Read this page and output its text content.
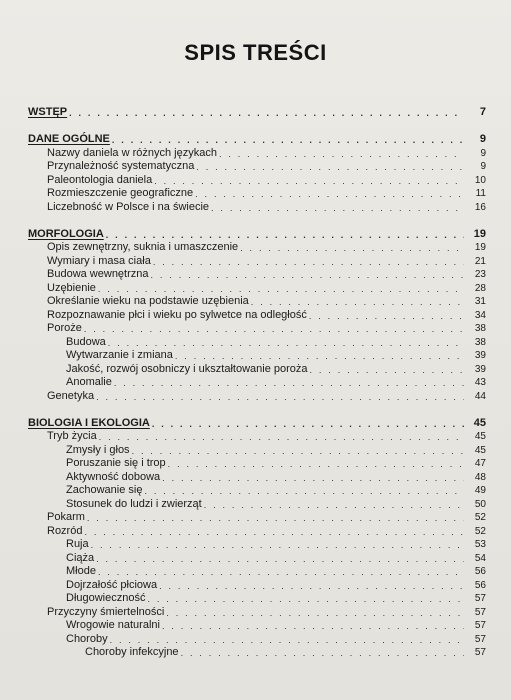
SPIS TREŚCI
WSTĘP . . .	7
DANE OGÓLNE . . .	9
Nazwy daniela w różnych językach . . .	9
Przynależność systematyczna . . .	9
Paleontologia daniela . . .	10
Rozmieszczenie geograficzne . . .	11
Liczebność w Polsce i na świecie . . .	16
MORFOLOGIA . . .	19
Opis zewnętrzny, suknia i umaszczenie . . .	19
Wymiary i masa ciała . . .	21
Budowa wewnętrzna . . .	23
Uzębienie . . .	28
Określanie wieku na podstawie uzębienia . . .	31
Rozpoznawanie płci i wieku po sylwetce na odległość . . .	34
Poroże . . .	38
Budowa . . .	38
Wytwarzanie i zmiana . . .	39
Jakość, rozwój osobniczy i ukształtowanie poroża . . .	39
Anomalie . . .	43
Genetyka . . .	44
BIOLOGIA I EKOLOGIA . . .	45
Tryb życia . . .	45
Zmysły i głos . . .	45
Poruszanie się i trop . . .	47
Aktywność dobowa . . .	48
Zachowanie się . . .	49
Stosunek do ludzi i zwierząt . . .	50
Pokarm . . .	52
Rozród . . .	52
Ruja . . .	53
Ciąża . . .	54
Młode . . .	56
Dojrzałość płciowa . . .	56
Długowieczność . . .	57
Przyczyny śmiertelności . . .	57
Wrogowie naturalni . . .	57
Choroby . . .	57
Choroby infekcyjne . . .	57
